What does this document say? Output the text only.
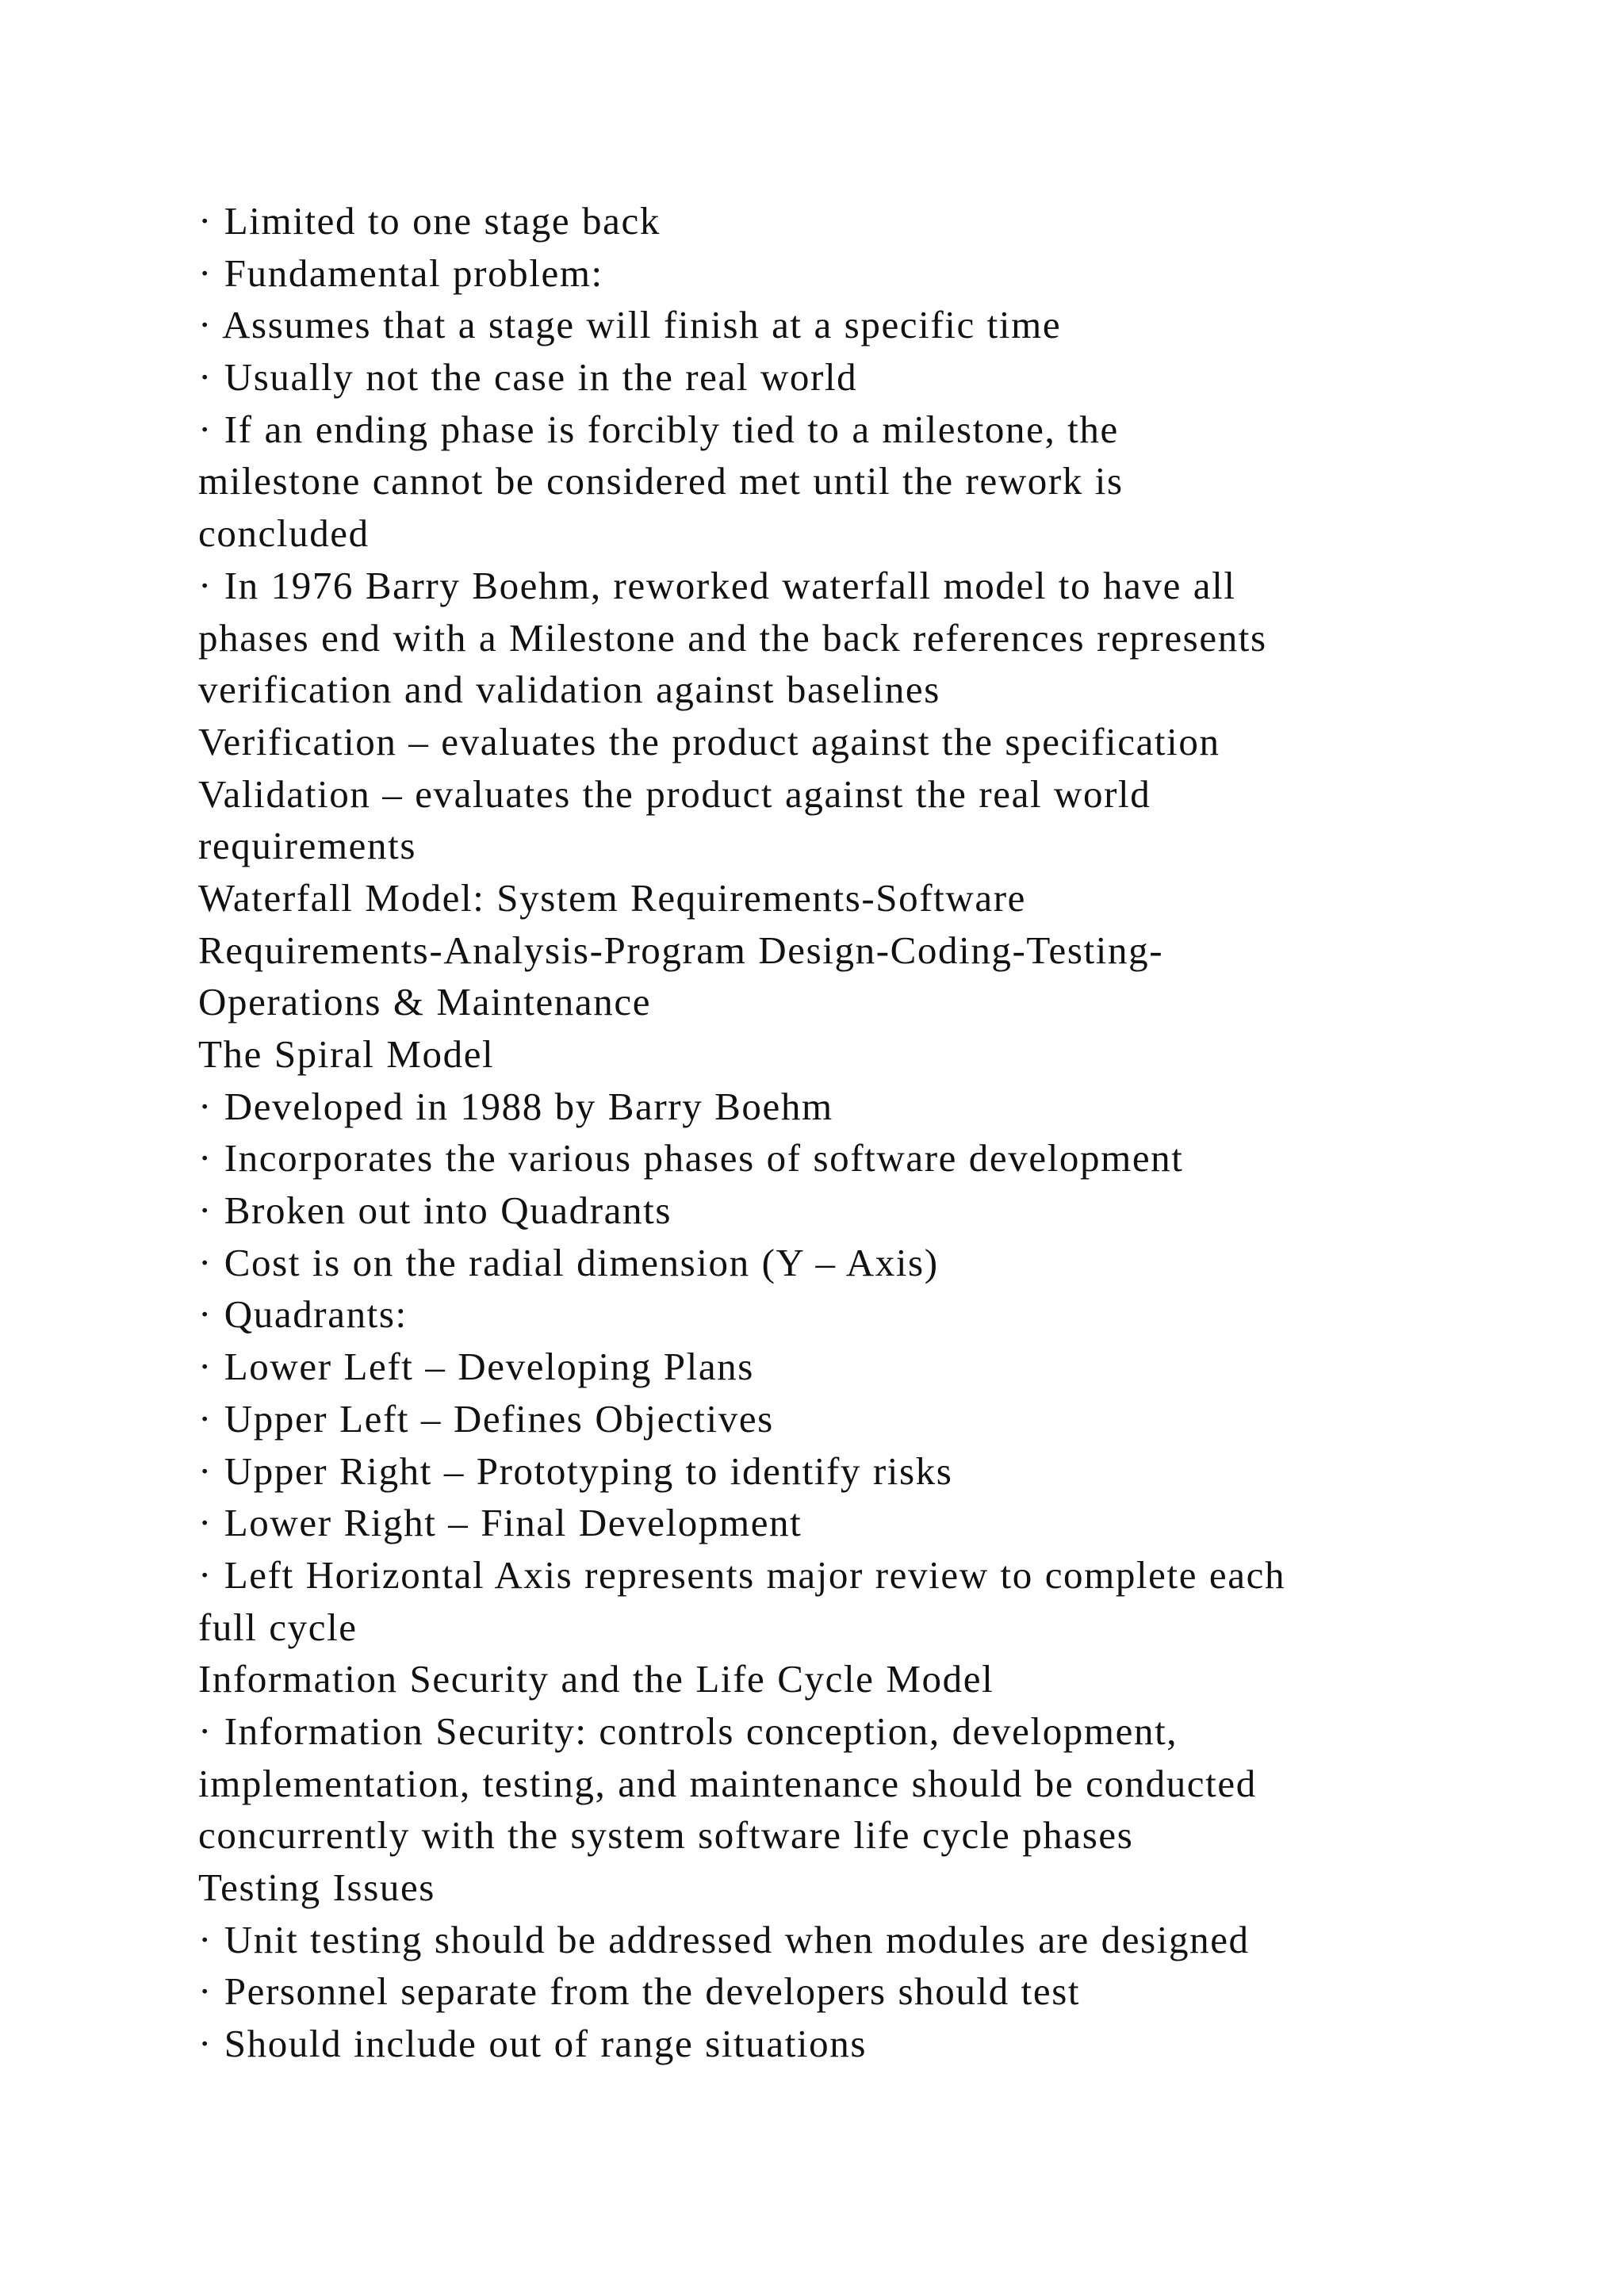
· Limited to one stage back
· Fundamental problem:
· Assumes that a stage will finish at a specific time
· Usually not the case in the real world
· If an ending phase is forcibly tied to a milestone, the
milestone cannot be considered met until the rework is
concluded
· In 1976 Barry Boehm, reworked waterfall model to have all
phases end with a Milestone and the back references represents
verification and validation against baselines
Verification – evaluates the product against the specification
Validation – evaluates the product against the real world
requirements
Waterfall Model: System Requirements-Software
Requirements-Analysis-Program Design-Coding-Testing-
Operations & Maintenance
The Spiral Model
· Developed in 1988 by Barry Boehm
· Incorporates the various phases of software development
· Broken out into Quadrants
· Cost is on the radial dimension (Y – Axis)
· Quadrants:
· Lower Left – Developing Plans
· Upper Left – Defines Objectives
· Upper Right – Prototyping to identify risks
· Lower Right – Final Development
· Left Horizontal Axis represents major review to complete each
full cycle
Information Security and the Life Cycle Model
· Information Security: controls conception, development,
implementation, testing, and maintenance should be conducted
concurrently with the system software life cycle phases
Testing Issues
· Unit testing should be addressed when modules are designed
· Personnel separate from the developers should test
· Should include out of range situations
